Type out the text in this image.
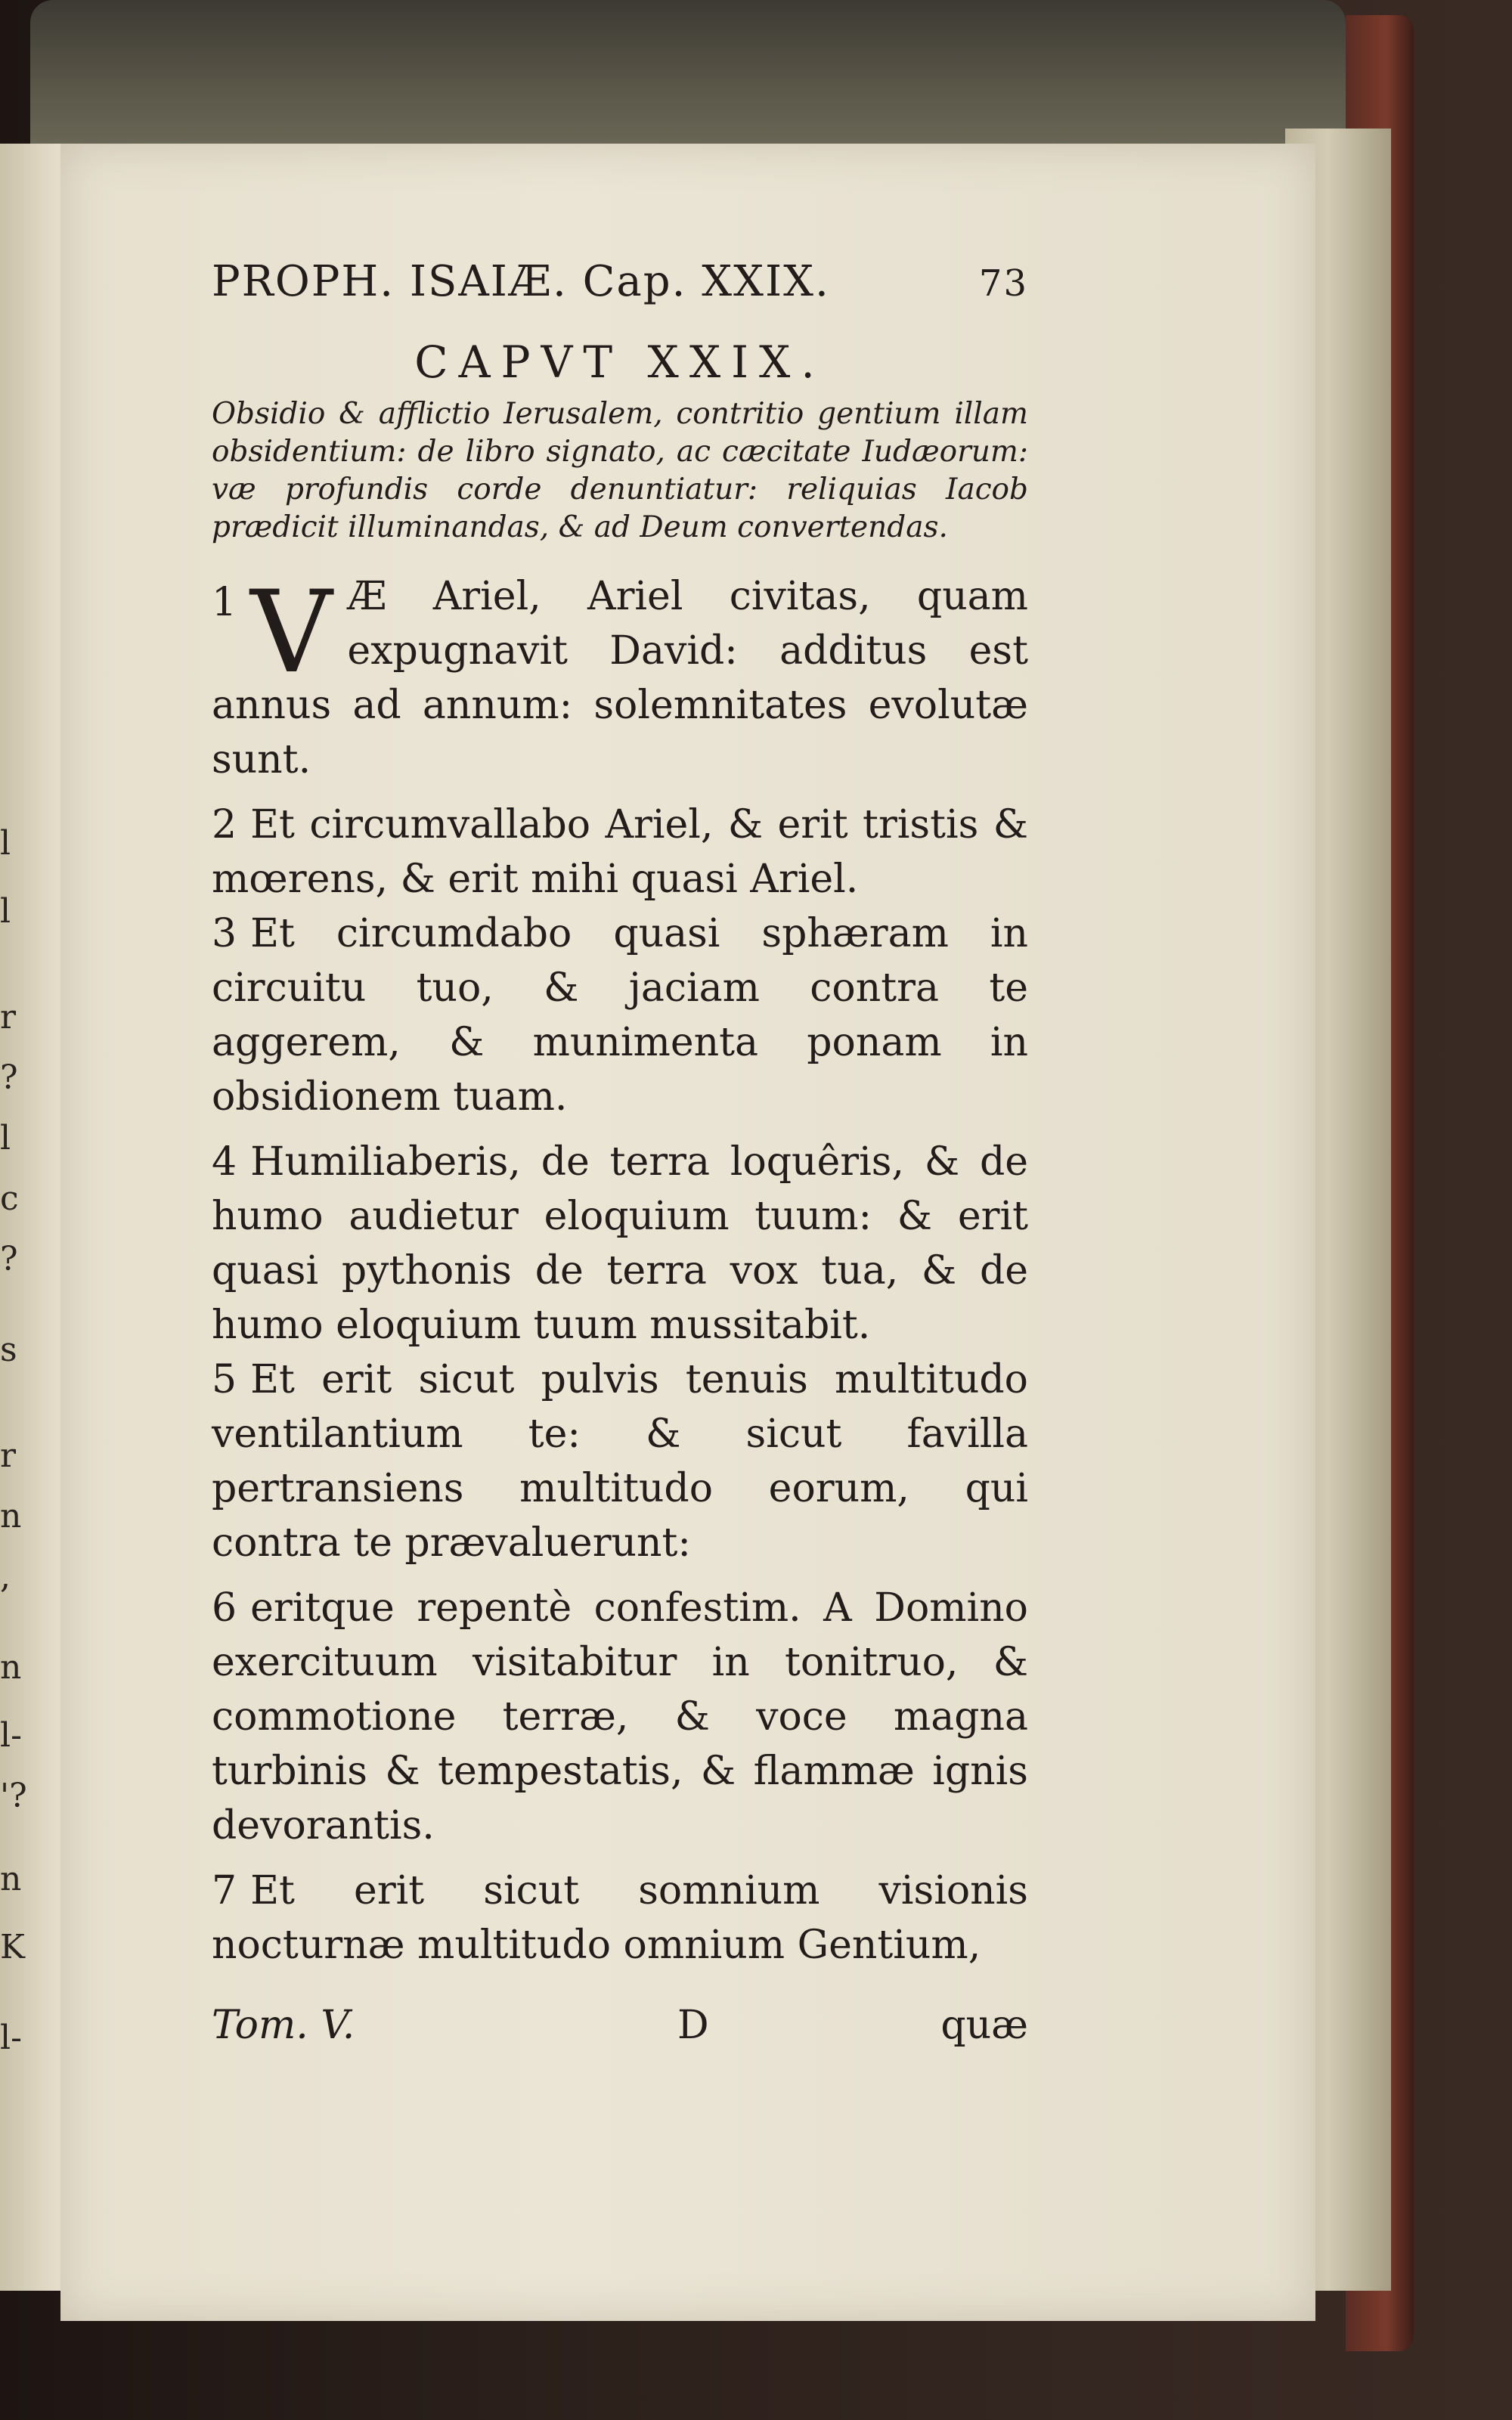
l
l
r
?
l
c
?
s
r
n
,
n
l-
'?
n
K
l-
PROPH. ISAIÆ. Cap. XXIX.	73
CAPVT XXIX.

Obsidio & afflictio Ierusalem, contritio gentium illam obsidentium: de libro signato, ac cæcitate Iudæorum: væ profundis corde denuntiatur: reliquias Iacob prædicit illuminandas, & ad Deum convertendas.

1 V Æ Ariel, Ariel civitas, quam expugnavit David: additus est annus ad annum: solemnitates evolutæ sunt.

2 Et circumvallabo Ariel, & erit tristis & mœrens, & erit mihi quasi Ariel.

3 Et circumdabo quasi sphæram in circuitu tuo, & jaciam contra te aggerem, & munimenta ponam in obsidionem tuam.

4 Humiliaberis, de terra loquêris, & de humo audietur eloquium tuum: & erit quasi pythonis de terra vox tua, & de humo eloquium tuum mussitabit.

5 Et erit sicut pulvis tenuis multitudo ventilantium te: & sicut favilla pertransiens multitudo eorum, qui contra te prævaluerunt:

6 eritque repentè confestim. A Domino exercituum visitabitur in tonitruo, & commotione terræ, & voce magna turbinis & tempestatis, & flammæ ignis devorantis.

7 Et erit sicut somnium visionis nocturnæ multitudo omnium Gentium,

Tom. V.	D	quæ
